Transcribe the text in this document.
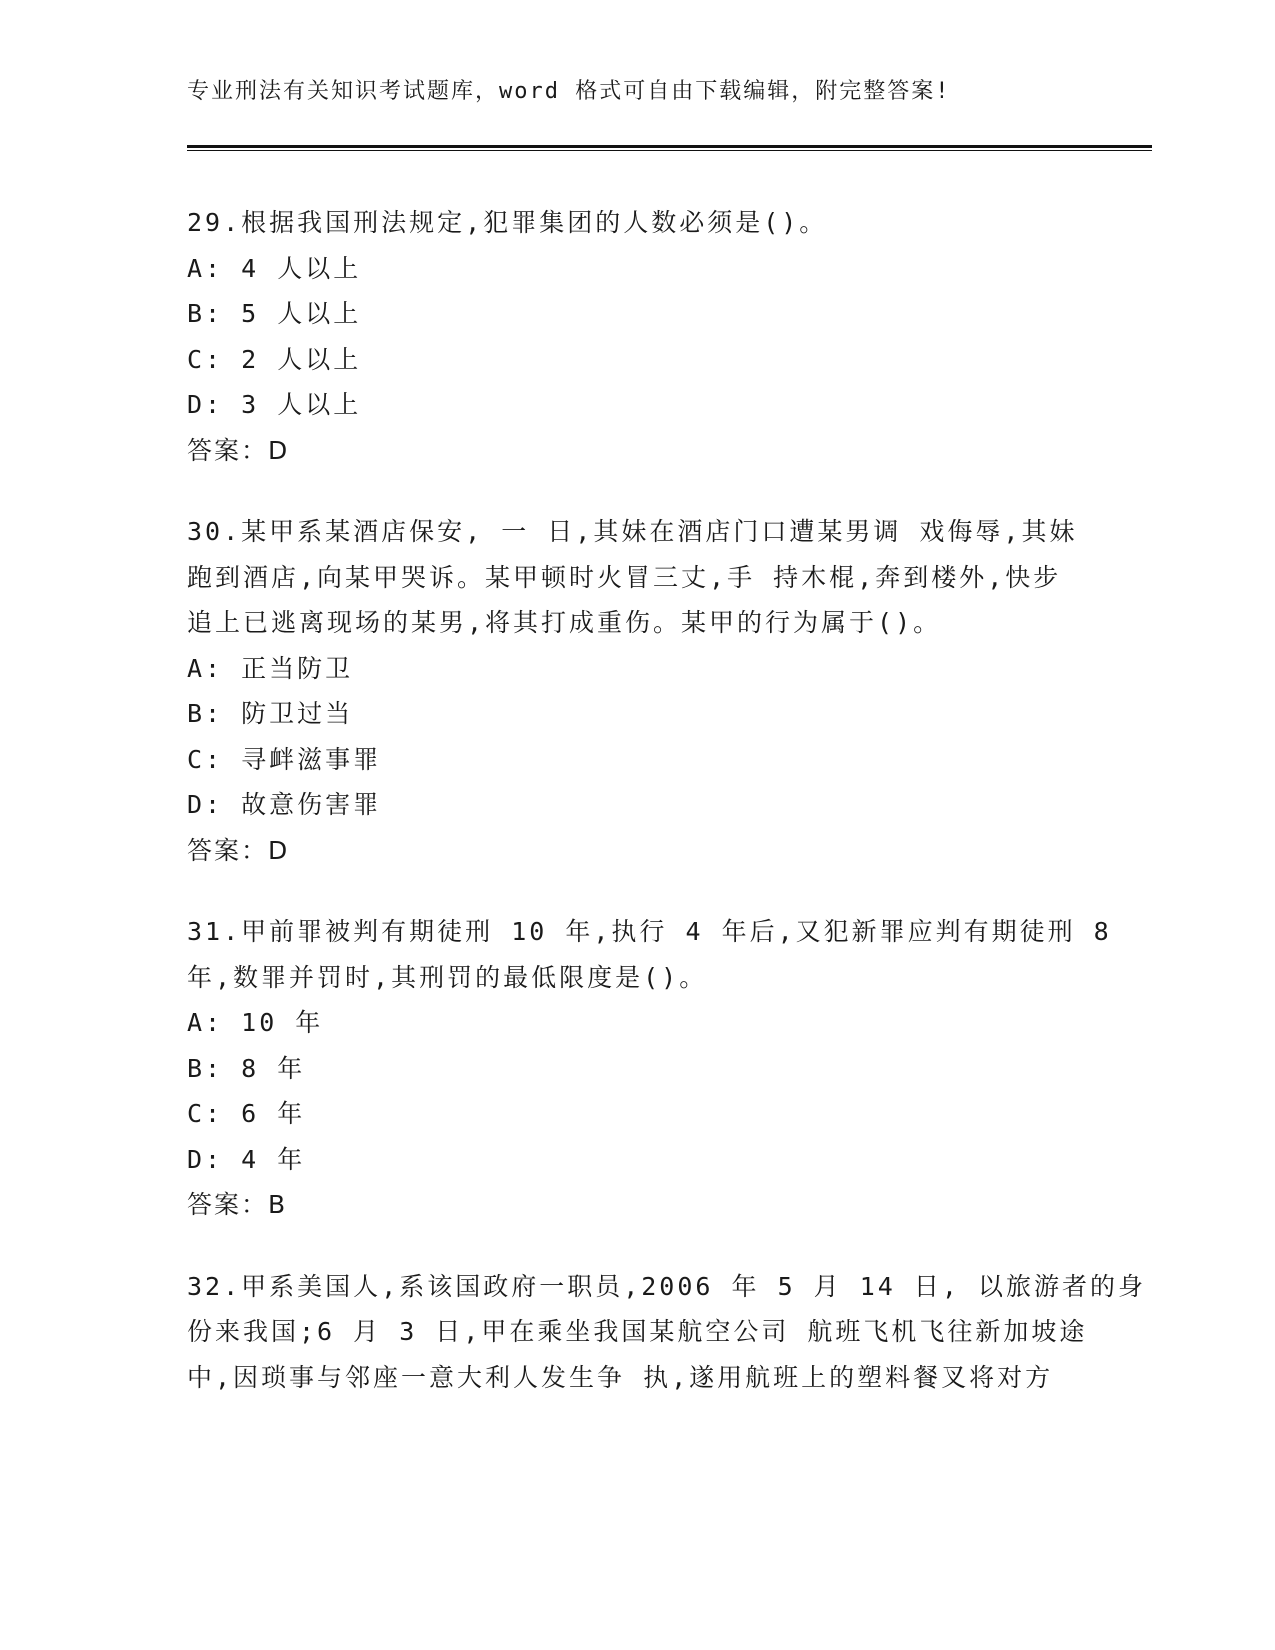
专业刑法有关知识考试题库，word 格式可自由下载编辑，附完整答案!
29.根据我国刑法规定,犯罪集团的人数必须是()。
A: 4 人以上
B: 5 人以上
C: 2 人以上
D: 3 人以上
答案：D
30.某甲系某酒店保安, 一 日,其妹在酒店门口遭某男调 戏侮辱,其妹
跑到酒店,向某甲哭诉。某甲顿时火冒三丈,手 持木棍,奔到楼外,快步
追上已逃离现场的某男,将其打成重伤。某甲的行为属于()。
A: 正当防卫
B: 防卫过当
C: 寻衅滋事罪
D: 故意伤害罪
答案：D
31.甲前罪被判有期徒刑 10 年,执行 4 年后,又犯新罪应判有期徒刑 8
年,数罪并罚时,其刑罚的最低限度是()。
A: 10 年
B: 8 年
C: 6 年
D: 4 年
答案：B
32.甲系美国人,系该国政府一职员,2006 年 5 月 14 日, 以旅游者的身
份来我国;6 月 3 日,甲在乘坐我国某航空公司 航班飞机飞往新加坡途
中,因琐事与邻座一意大利人发生争 执,遂用航班上的塑料餐叉将对方
